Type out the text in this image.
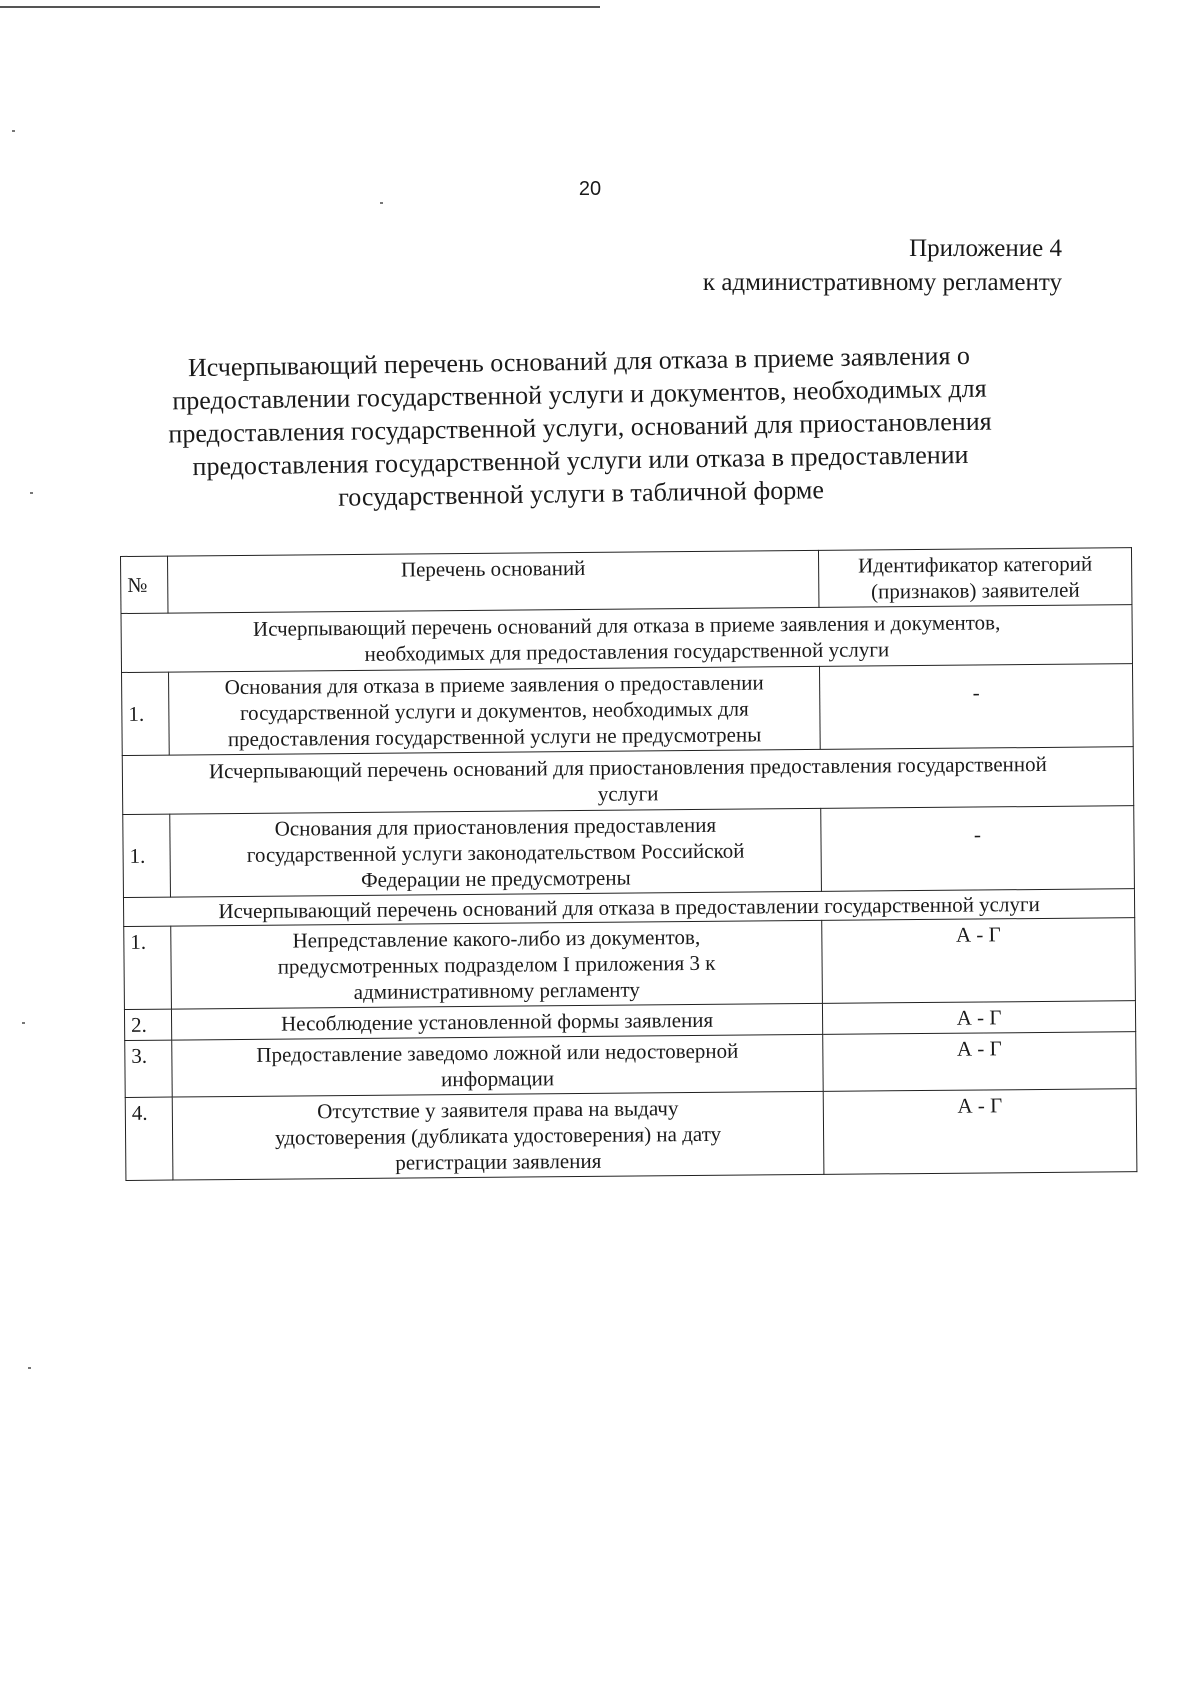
20
Приложение 4
к административному регламенту
Исчерпывающий перечень оснований для отказа в приеме заявления о
предоставлении государственной услуги и документов, необходимых для
предоставления государственной услуги, оснований для приостановления
предоставления государственной услуги или отказа в предоставлении
государственной услуги в табличной форме
№	Перечень оснований	Идентификатор категорий
(признаков) заявителей

Исчерпывающий перечень оснований для отказа в приеме заявления и документов,
необходимых для предоставления государственной услуги		

1.	Основания для отказа в приеме заявления о предоставлении
государственной услуги и документов, необходимых для
предоставления государственной услуги не предусмотрены	-

Исчерпывающий перечень оснований для приостановления предоставления государственной
услуги		

1.	Основания для приостановления предоставления
государственной услуги законодательством Российской
Федерации не предусмотрены	-

Исчерпывающий перечень оснований для отказа в предоставлении государственной услуги		

1.	Непредставление какого-либо из документов,
предусмотренных подразделом I приложения 3 к
административному регламенту	А - Г
2.	Несоблюдение установленной формы заявления	А - Г
3.	Предоставление заведомо ложной или недостоверной
информации	А - Г
4.	Отсутствие у заявителя права на выдачу
удостоверения (дубликата удостоверения) на дату
регистрации заявления	А - Г
